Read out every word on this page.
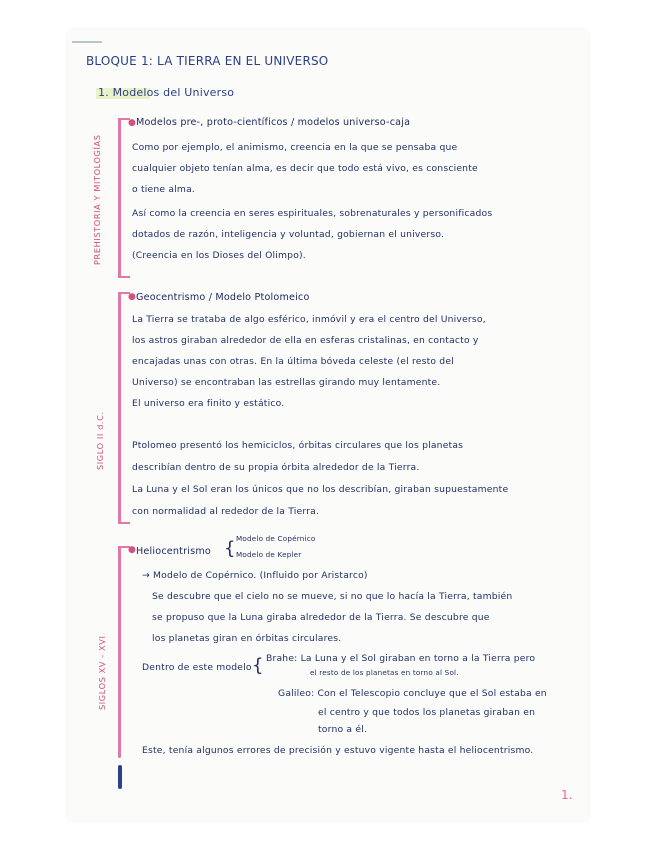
BLOQUE 1: LA TIERRA EN EL UNIVERSO
1. Modelos del Universo
PREHISTORIA Y MITOLOGÍAS
● Modelos pre-, proto-científicos / modelos universo-caja
Como por ejemplo, el animismo, creencia en la que se pensaba que
cualquier objeto tenían alma, es decir que todo está vivo, es consciente
o tiene alma.
Así como la creencia en seres espirituales, sobrenaturales y personificados
dotados de razón, inteligencia y voluntad, gobiernan el universo.
(Creencia en los Dioses del Olimpo).
SIGLO II d.C.
● Geocentrismo / Modelo Ptolomeico
La Tierra se trataba de algo esférico, inmóvil y era el centro del Universo,
los astros giraban alrededor de ella en esferas cristalinas, en contacto y
encajadas unas con otras. En la última bóveda celeste (el resto del
Universo) se encontraban las estrellas girando muy lentamente.
El universo era finito y estático.
Ptolomeo presentó los hemiciclos, órbitas circulares que los planetas
describían dentro de su propia órbita alrededor de la Tierra.
La Luna y el Sol eran los únicos que no los describían, giraban supuestamente
con normalidad al rededor de la Tierra.
SIGLOS XV - XVI
● Heliocentrismo { Modelo de Copérnico
Modelo de Kepler
→ Modelo de Copérnico. (Influido por Aristarco)
Se descubre que el cielo no se mueve, si no que lo hacía la Tierra, también
se propuso que la Luna giraba alrededor de la Tierra. Se descubre que
los planetas giran en órbitas circulares.
Dentro de este modelo { Brahe: La Luna y el Sol giraban en torno a la Tierra pero
el resto de los planetas en torno al Sol.
Galileo: Con el Telescopio concluye que el Sol estaba en
el centro y que todos los planetas giraban en
torno a él.
Este, tenía algunos errores de precisión y estuvo vigente hasta el heliocentrismo.
1.
